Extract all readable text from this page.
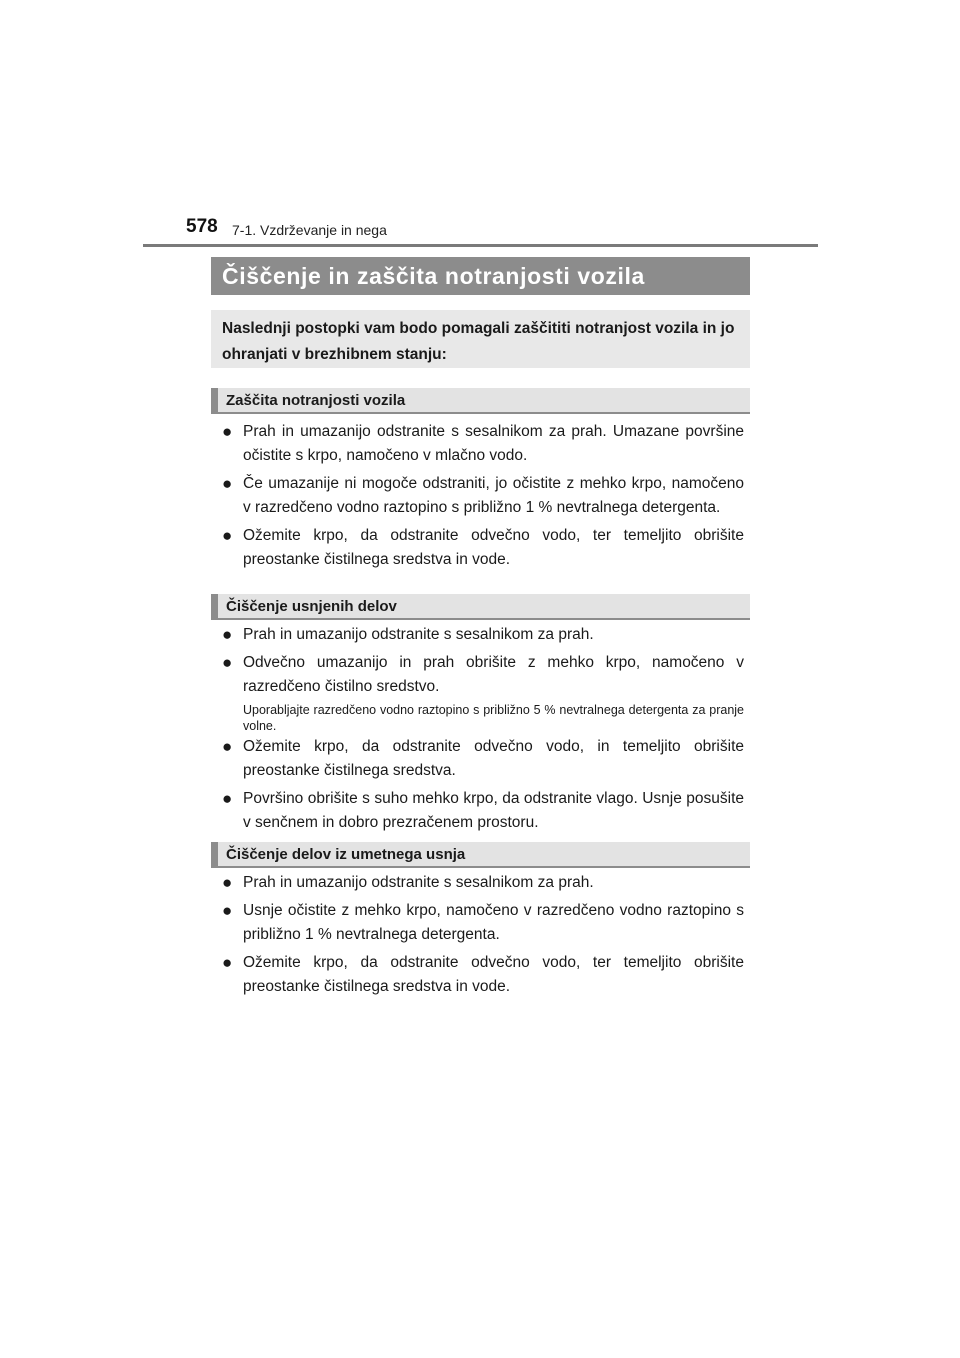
578 7-1. Vzdrževanje in nega
Čiščenje in zaščita notranjosti vozila
Naslednji postopki vam bodo pomagali zaščititi notranjost vozila in jo ohranjati v brezhibnem stanju:
Zaščita notranjosti vozila
● Prah in umazanijo odstranite s sesalnikom za prah. Umazane površine očistite s krpo, namočeno v mlačno vodo.
● Če umazanije ni mogoče odstraniti, jo očistite z mehko krpo, namočeno v razredčeno vodno raztopino s približno 1 % nevtralnega detergenta.
● Ožemite krpo, da odstranite odvečno vodo, ter temeljito obrišite preostanke čistilnega sredstva in vode.
Čiščenje usnjenih delov
● Prah in umazanijo odstranite s sesalnikom za prah.
● Odvečno umazanijo in prah obrišite z mehko krpo, namočeno v razredčeno čistilno sredstvo.
Uporabljajte razredčeno vodno raztopino s približno 5 % nevtralnega detergenta za pranje volne.
● Ožemite krpo, da odstranite odvečno vodo, in temeljito obrišite preostanke čistilnega sredstva.
● Površino obrišite s suho mehko krpo, da odstranite vlago. Usnje posušite v senčnem in dobro prezračenem prostoru.
Čiščenje delov iz umetnega usnja
● Prah in umazanijo odstranite s sesalnikom za prah.
● Usnje očistite z mehko krpo, namočeno v razredčeno vodno raztopino s približno 1 % nevtralnega detergenta.
● Ožemite krpo, da odstranite odvečno vodo, ter temeljito obrišite preostanke čistilnega sredstva in vode.
